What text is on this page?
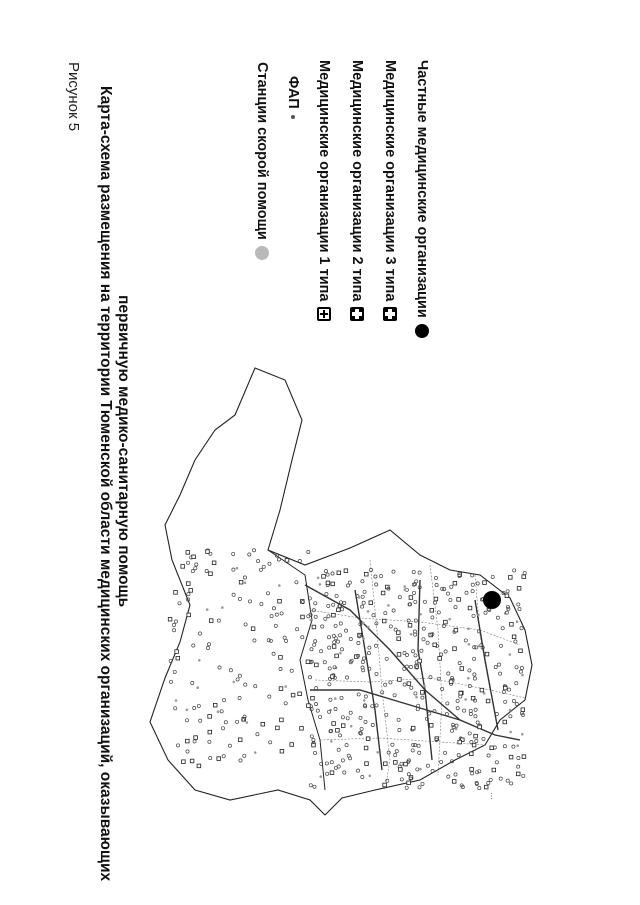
Рисунок 5 Карта-схема размещения на территории Тюменской области медицинских организаций, оказывающих первичную медико-санитарную помощь
Станции скорой помощи ФАП Медицинские организации 1 типа Медицинские организации 2 типа Медицинские организации 3 типа Частные медицинские организации
⋯
